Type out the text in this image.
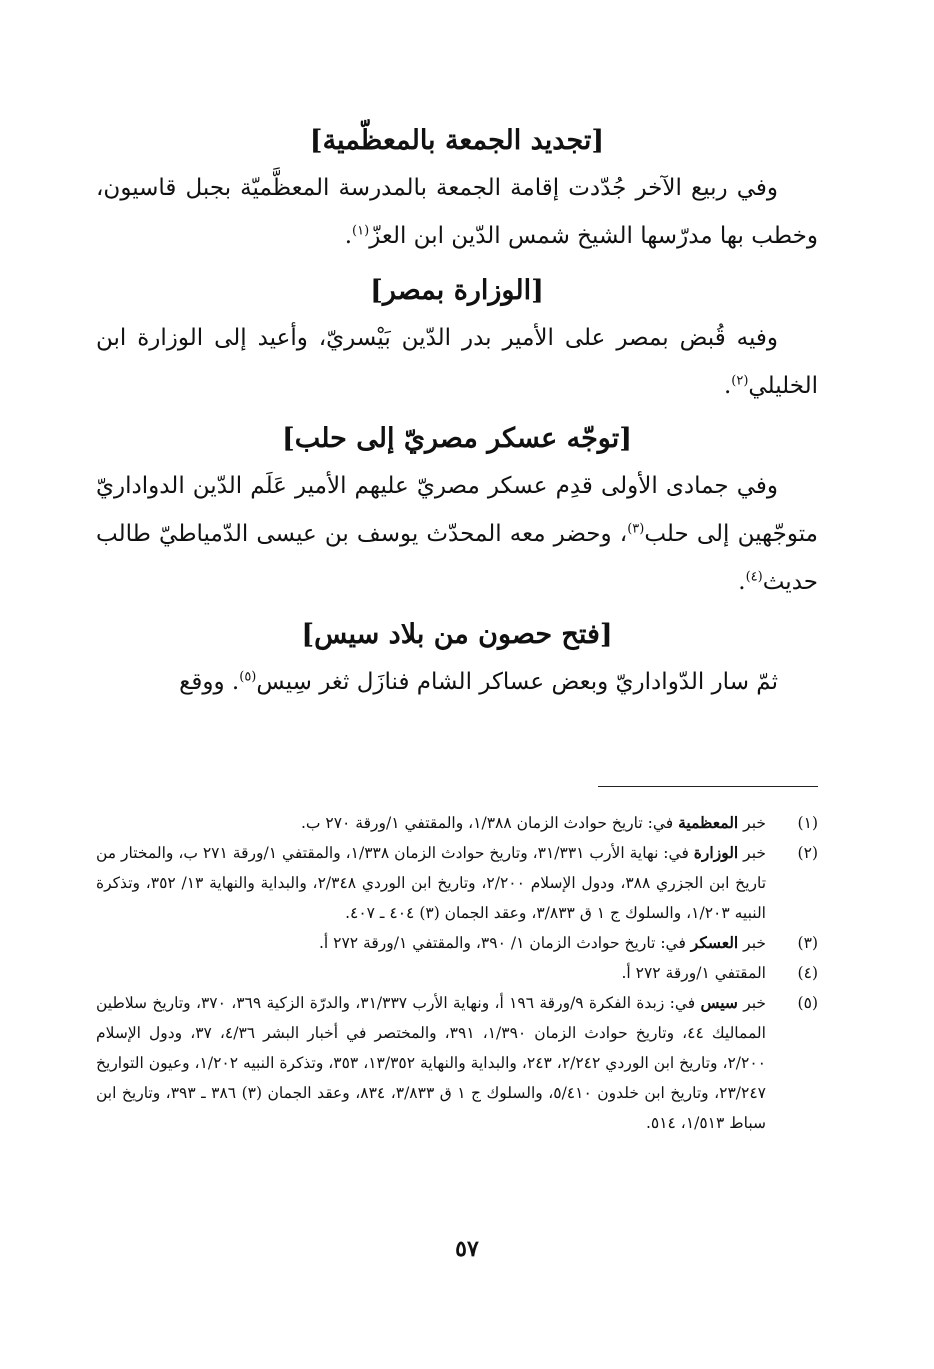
[تجديد الجمعة بالمعظّمية]

وفي ربيع الآخر جُدّدت إقامة الجمعة بالمدرسة المعظَّميّة بجبل قاسيون، وخطب بها مدرّسها الشيخ شمس الدّين ابن العزّ$^{(١)}$.

[الوزارة بمصر]

وفيه قُبض بمصر على الأمير بدر الدّين بَيْسريّ، وأعيد إلى الوزارة ابن الخليلي$^{(٢)}$.

[توجّه عسكر مصريّ إلى حلب]

وفي جمادى الأولى قدِم عسكر مصريّ عليهم الأمير عَلَم الدّين الدواداريّ متوجّهين إلى حلب$^{(٣)}$، وحضر معه المحدّث يوسف بن عيسى الدّمياطيّ طالب حديث$^{(٤)}$.

[فتح حصون من بلاد سيس]

ثمّ سار الدّواداريّ وبعض عساكر الشام فنازَل ثغر سِيس$^{(٥)}$. ووقع

(١)
خبر المعظمية في: تاريخ حوادث الزمان ١/٣٨٨، والمقتفي ١/ورقة ٢٧٠ ب.
(٢)
خبر الوزارة في: نهاية الأرب ٣١/٣٣١، وتاريخ حوادث الزمان ١/٣٣٨، والمقتفي ١/ورقة ٢٧١ ب، والمختار من تاريخ ابن الجزري ٣٨٨، ودول الإسلام ٢/٢٠٠، وتاريخ ابن الوردي ٢/٣٤٨، والبداية والنهاية ١٣/ ٣٥٢، وتذكرة النبيه ١/٢٠٣، والسلوك ج ١ ق ٣/٨٣٣، وعقد الجمان (٣) ٤٠٤ ـ ٤٠٧.
(٣)
خبر العسكر في: تاريخ حوادث الزمان ١/ ٣٩٠، والمقتفي ١/ورقة ٢٧٢ أ.
(٤)
المقتفي ١/ورقة ٢٧٢ أ.
(٥)
خبر سيس في: زبدة الفكرة ٩/ورقة ١٩٦ أ، ونهاية الأرب ٣١/٣٣٧، والدرّة الزكية ٣٦٩، ٣٧٠، وتاريخ سلاطين المماليك ٤٤، وتاريخ حوادث الزمان ١/٣٩٠، ٣٩١، والمختصر في أخبار البشر ٤/٣٦، ٣٧، ودول الإسلام ٢/٢٠٠، وتاريخ ابن الوردي ٢/٢٤٢، ٢٤٣، والبداية والنهاية ١٣/٣٥٢، ٣٥٣، وتذكرة النبيه ١/٢٠٢، وعيون التواريخ ٢٣/٢٤٧، وتاريخ ابن خلدون ٥/٤١٠، والسلوك ج ١ ق ٣/٨٣٣، ٨٣٤، وعقد الجمان (٣) ٣٨٦ ـ ٣٩٣، وتاريخ ابن سباط ١/٥١٣، ٥١٤.
٥٧
